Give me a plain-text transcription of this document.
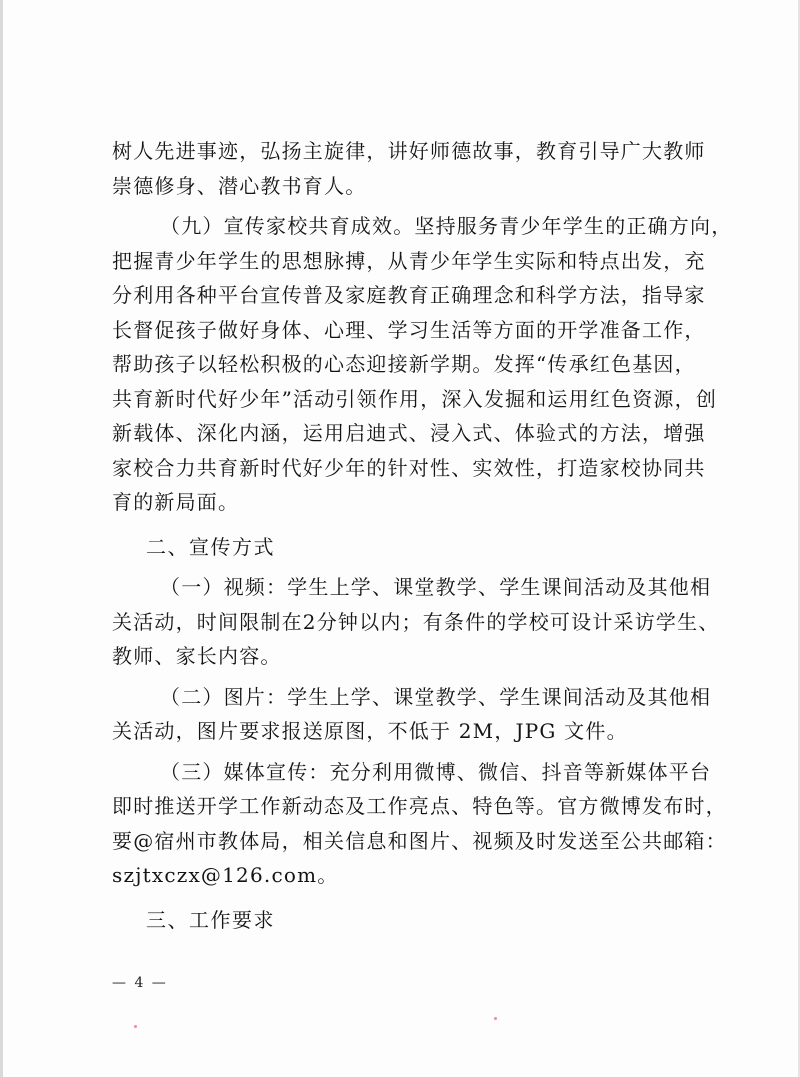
树人先进事迹，弘扬主旋律，讲好师德故事，教育引导广大教师
崇德修身、潜心教书育人。

（九）宣传家校共育成效。坚持服务青少年学生的正确方向，
把握青少年学生的思想脉搏，从青少年学生实际和特点出发，充
分利用各种平台宣传普及家庭教育正确理念和科学方法，指导家
长督促孩子做好身体、心理、学习生活等方面的开学准备工作，
帮助孩子以轻松积极的心态迎接新学期。发挥“传承红色基因，
共育新时代好少年”活动引领作用，深入发掘和运用红色资源，创
新载体、深化内涵，运用启迪式、浸入式、体验式的方法，增强
家校合力共育新时代好少年的针对性、实效性，打造家校协同共
育的新局面。

二、宣传方式

（一）视频：学生上学、课堂教学、学生课间活动及其他相
关活动，时间限制在2分钟以内；有条件的学校可设计采访学生、
教师、家长内容。

（二）图片：学生上学、课堂教学、学生课间活动及其他相
关活动，图片要求报送原图，不低于 2M，JPG 文件。

（三）媒体宣传：充分利用微博、微信、抖音等新媒体平台
即时推送开学工作新动态及工作亮点、特色等。官方微博发布时，
要@宿州市教体局，相关信息和图片、视频及时发送至公共邮箱：
szjtxczx@126.com。

三、工作要求
— 4 —
